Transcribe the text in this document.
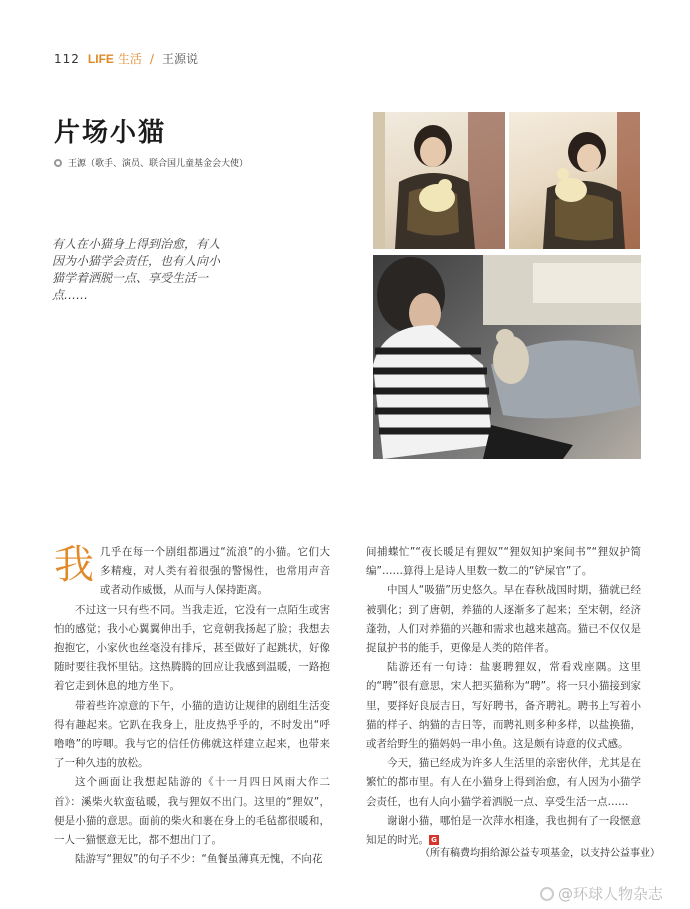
112 LIFE 生活 / 王源说
片场小猫
王源（歌手、演员、联合国儿童基金会大使）

有人在小猫身上得到治愈，有人因为小猫学会责任，也有人向小猫学着洒脱一点、享受生活一点……

我几乎在每一个剧组都遇过“流浪”的小猫。它们大多精瘦，对人类有着很强的警惕性，也常用声音或者动作威慑，从而与人保持距离。

不过这一只有些不同。当我走近，它没有一点陌生或害怕的感觉；我小心翼翼伸出手，它竟朝我扬起了脸；我想去抱抱它，小家伙也丝毫没有排斥，甚至做好了起跳状，好像随时要往我怀里钻。这热腾腾的回应让我感到温暖，一路抱着它走到休息的地方坐下。

带着些许凉意的下午，小猫的造访让规律的剧组生活变得有趣起来。它趴在我身上，肚皮热乎乎的，不时发出“呼噜噜”的哼唧。我与它的信任仿佛就这样建立起来，也带来了一种久违的放松。

这个画面让我想起陆游的《十一月四日风雨大作二首》：溪柴火软蛮毡暖，我与狸奴不出门。这里的“狸奴”，便是小猫的意思。面前的柴火和裹在身上的毛毡都很暖和，一人一猫惬意无比，都不想出门了。

陆游写“狸奴”的句子不少：“鱼餐虽薄真无愧，不向花

间捕蝶忙”“夜长暖足有狸奴”“狸奴知护案间书”“狸奴护简编”……算得上是诗人里数一数二的“铲屎官”了。

中国人“吸猫”历史悠久。早在春秋战国时期，猫就已经被驯化；到了唐朝，养猫的人逐渐多了起来；至宋朝，经济蓬勃，人们对养猫的兴趣和需求也越来越高。猫已不仅仅是捉鼠护书的能手，更像是人类的陪伴者。

陆游还有一句诗：盐裹聘狸奴，常看戏座隅。这里的“聘”很有意思，宋人把买猫称为“聘”。将一只小猫接到家里，要择好良辰吉日，写好聘书，备齐聘礼。聘书上写着小猫的样子、纳猫的吉日等，而聘礼则多种多样，以盐换猫，或者给野生的猫妈妈一串小鱼。这是颇有诗意的仪式感。

今天，猫已经成为许多人生活里的亲密伙伴，尤其是在繁忙的都市里。有人在小猫身上得到治愈，有人因为小猫学会责任，也有人向小猫学着洒脱一点、享受生活一点……

谢谢小猫，哪怕是一次萍水相逢，我也拥有了一段惬意知足的时光。 G

（所有稿费均捐给源公益专项基金，以支持公益事业）
@环球人物杂志
